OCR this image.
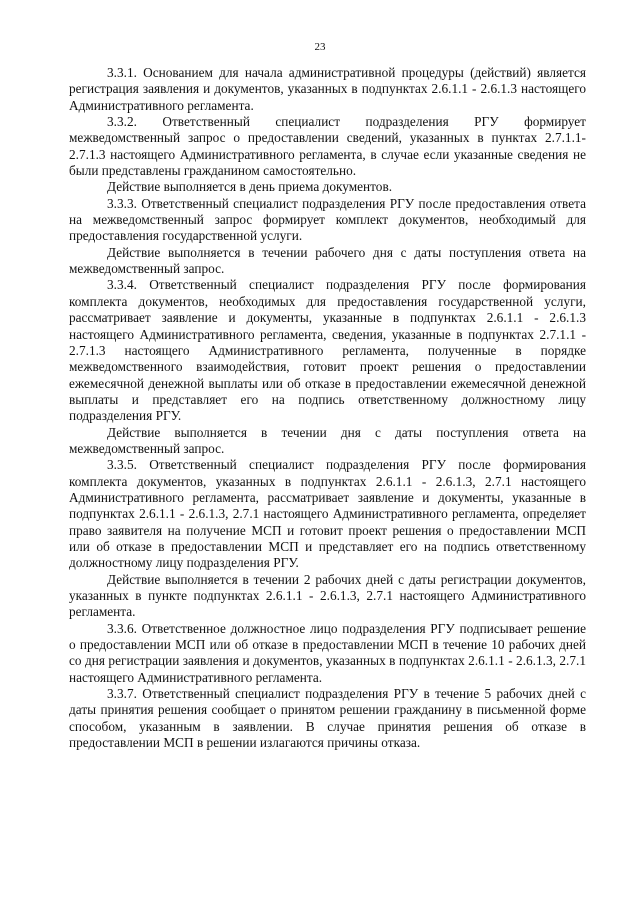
23

3.3.1. Основанием для начала административной процедуры (действий) является регистрация заявления и документов, указанных в подпунктах 2.6.1.1 - 2.6.1.3 настоящего Административного регламента.

3.3.2. Ответственный специалист подразделения РГУ формирует межведомственный запрос о предоставлении сведений, указанных в пунктах 2.7.1.1-2.7.1.3 настоящего Административного регламента, в случае если указанные сведения не были представлены гражданином самостоятельно.

Действие выполняется в день приема документов.

3.3.3. Ответственный специалист подразделения РГУ после предоставления ответа на межведомственный запрос формирует комплект документов, необходимый для предоставления государственной услуги.

Действие выполняется в течении рабочего дня с даты поступления ответа на межведомственный запрос.

3.3.4. Ответственный специалист подразделения РГУ после формирования комплекта документов, необходимых для предоставления государственной услуги, рассматривает заявление и документы, указанные в подпунктах 2.6.1.1 - 2.6.1.3 настоящего Административного регламента, сведения, указанные в подпунктах 2.7.1.1 - 2.7.1.3 настоящего Административного регламента, полученные в порядке межведомственного взаимодействия, готовит проект решения о предоставлении ежемесячной денежной выплаты или об отказе в предоставлении ежемесячной денежной выплаты и представляет его на подпись ответственному должностному лицу подразделения РГУ.

Действие выполняется в течении дня с даты поступления ответа на межведомственный запрос.

3.3.5. Ответственный специалист подразделения РГУ после формирования комплекта документов, указанных в подпунктах 2.6.1.1 - 2.6.1.3, 2.7.1 настоящего Административного регламента, рассматривает заявление и документы, указанные в подпунктах 2.6.1.1 - 2.6.1.3, 2.7.1 настоящего Административного регламента, определяет право заявителя на получение МСП и готовит проект решения о предоставлении МСП или об отказе в предоставлении МСП и представляет его на подпись ответственному должностному лицу подразделения РГУ.

Действие выполняется в течении 2 рабочих дней с даты регистрации документов, указанных в пункте подпунктах 2.6.1.1 - 2.6.1.3, 2.7.1 настоящего Административного регламента.

3.3.6. Ответственное должностное лицо подразделения РГУ подписывает решение о предоставлении МСП или об отказе в предоставлении МСП в течение 10 рабочих дней со дня регистрации заявления и документов, указанных в подпунктах 2.6.1.1 - 2.6.1.3, 2.7.1 настоящего Административного регламента.

3.3.7. Ответственный специалист подразделения РГУ в течение 5 рабочих дней с даты принятия решения сообщает о принятом решении гражданину в письменной форме способом, указанным в заявлении. В случае принятия решения об отказе в предоставлении МСП в решении излагаются причины отказа.
